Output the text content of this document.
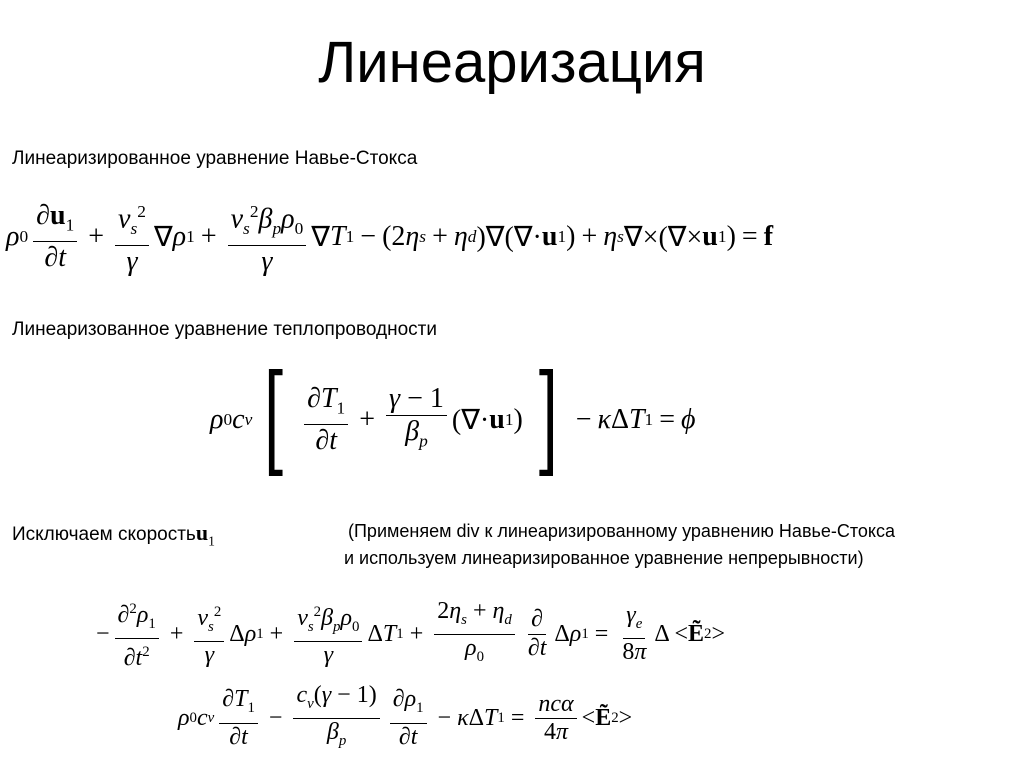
Линеаризация
Линеаризированное уравнение Навье-Стокса
ρ $0 \frac{\partial u_1}{\partial t} + \frac{v_s^2}{\gamma}$ ∇ ρ $1 + \frac{v_s^2\beta_p\rho_0}{\gamma}$ ∇ T 1 − (2 η s + η d )∇(∇· u 1 ) + η s ∇×(∇× u 1 ) = f
Линеаризованное уравнение теплопроводности
ρ 0 c v [ $\frac{\partial T_1}{\partial t} + \frac{\gamma - 1}{\beta_p}$ (∇· u 1 ) ] − κ Δ T 1 = ϕ
Исключаем скоростьu$_1$	(Применяем div к линеаризированному уравнению Навье-Стокса
и используем линеаризированное уравнение непрерывности)
− $\frac{\partial^2\rho_1}{\partial t^2} + \frac{v_s^2}{\gamma}$ Δ ρ $1 + \frac{v_s^2\beta_p\rho_0}{\gamma}$ Δ T $1 + \frac{2\eta_s + \eta_d}{\rho_0} \frac{\partial}{\partial t}$ Δ ρ $1 = \frac{\gamma_e}{8\pi}$ Δ < Ẽ 2 >
ρ 0 c v $\frac{\partial T_1}{\partial t} - \frac{c_v(\gamma - 1)}{\beta_p} \frac{\partial\rho_1}{\partial t} - \kappa$ Δ T $1 = \frac{\text{ncα}}{4\pi}$ < Ẽ 2 >
